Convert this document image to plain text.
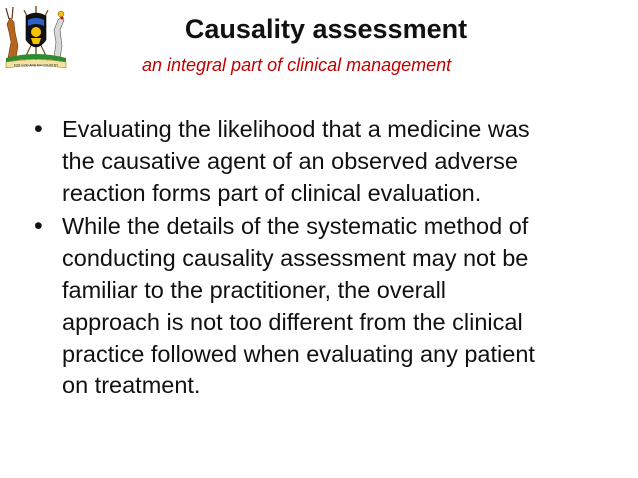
FOR GOD AND MY COUNTRY
Causality assessment
an integral part of clinical management
• Evaluating the likelihood that a medicine was
the causative agent of an observed adverse
reaction forms part of clinical evaluation.
• While the details of the systematic method of
conducting causality assessment may not be
familiar to the practitioner, the overall
approach is not too different from the clinical
practice followed when evaluating any patient
on treatment.
